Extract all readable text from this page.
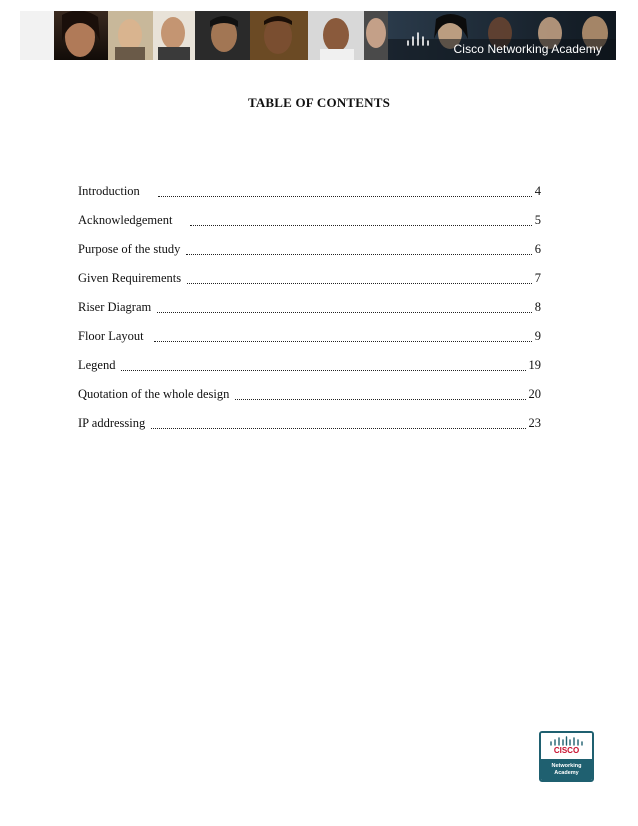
Cisco Networking Academy
TABLE OF CONTENTS
Introduction	4
Acknowledgement	5
Purpose of the study	6
Given Requirements	7
Riser Diagram	8
Floor Layout	9
Legend	19
Quotation of the whole design	20
IP addressing	23
CISCO
Networking
Academy
